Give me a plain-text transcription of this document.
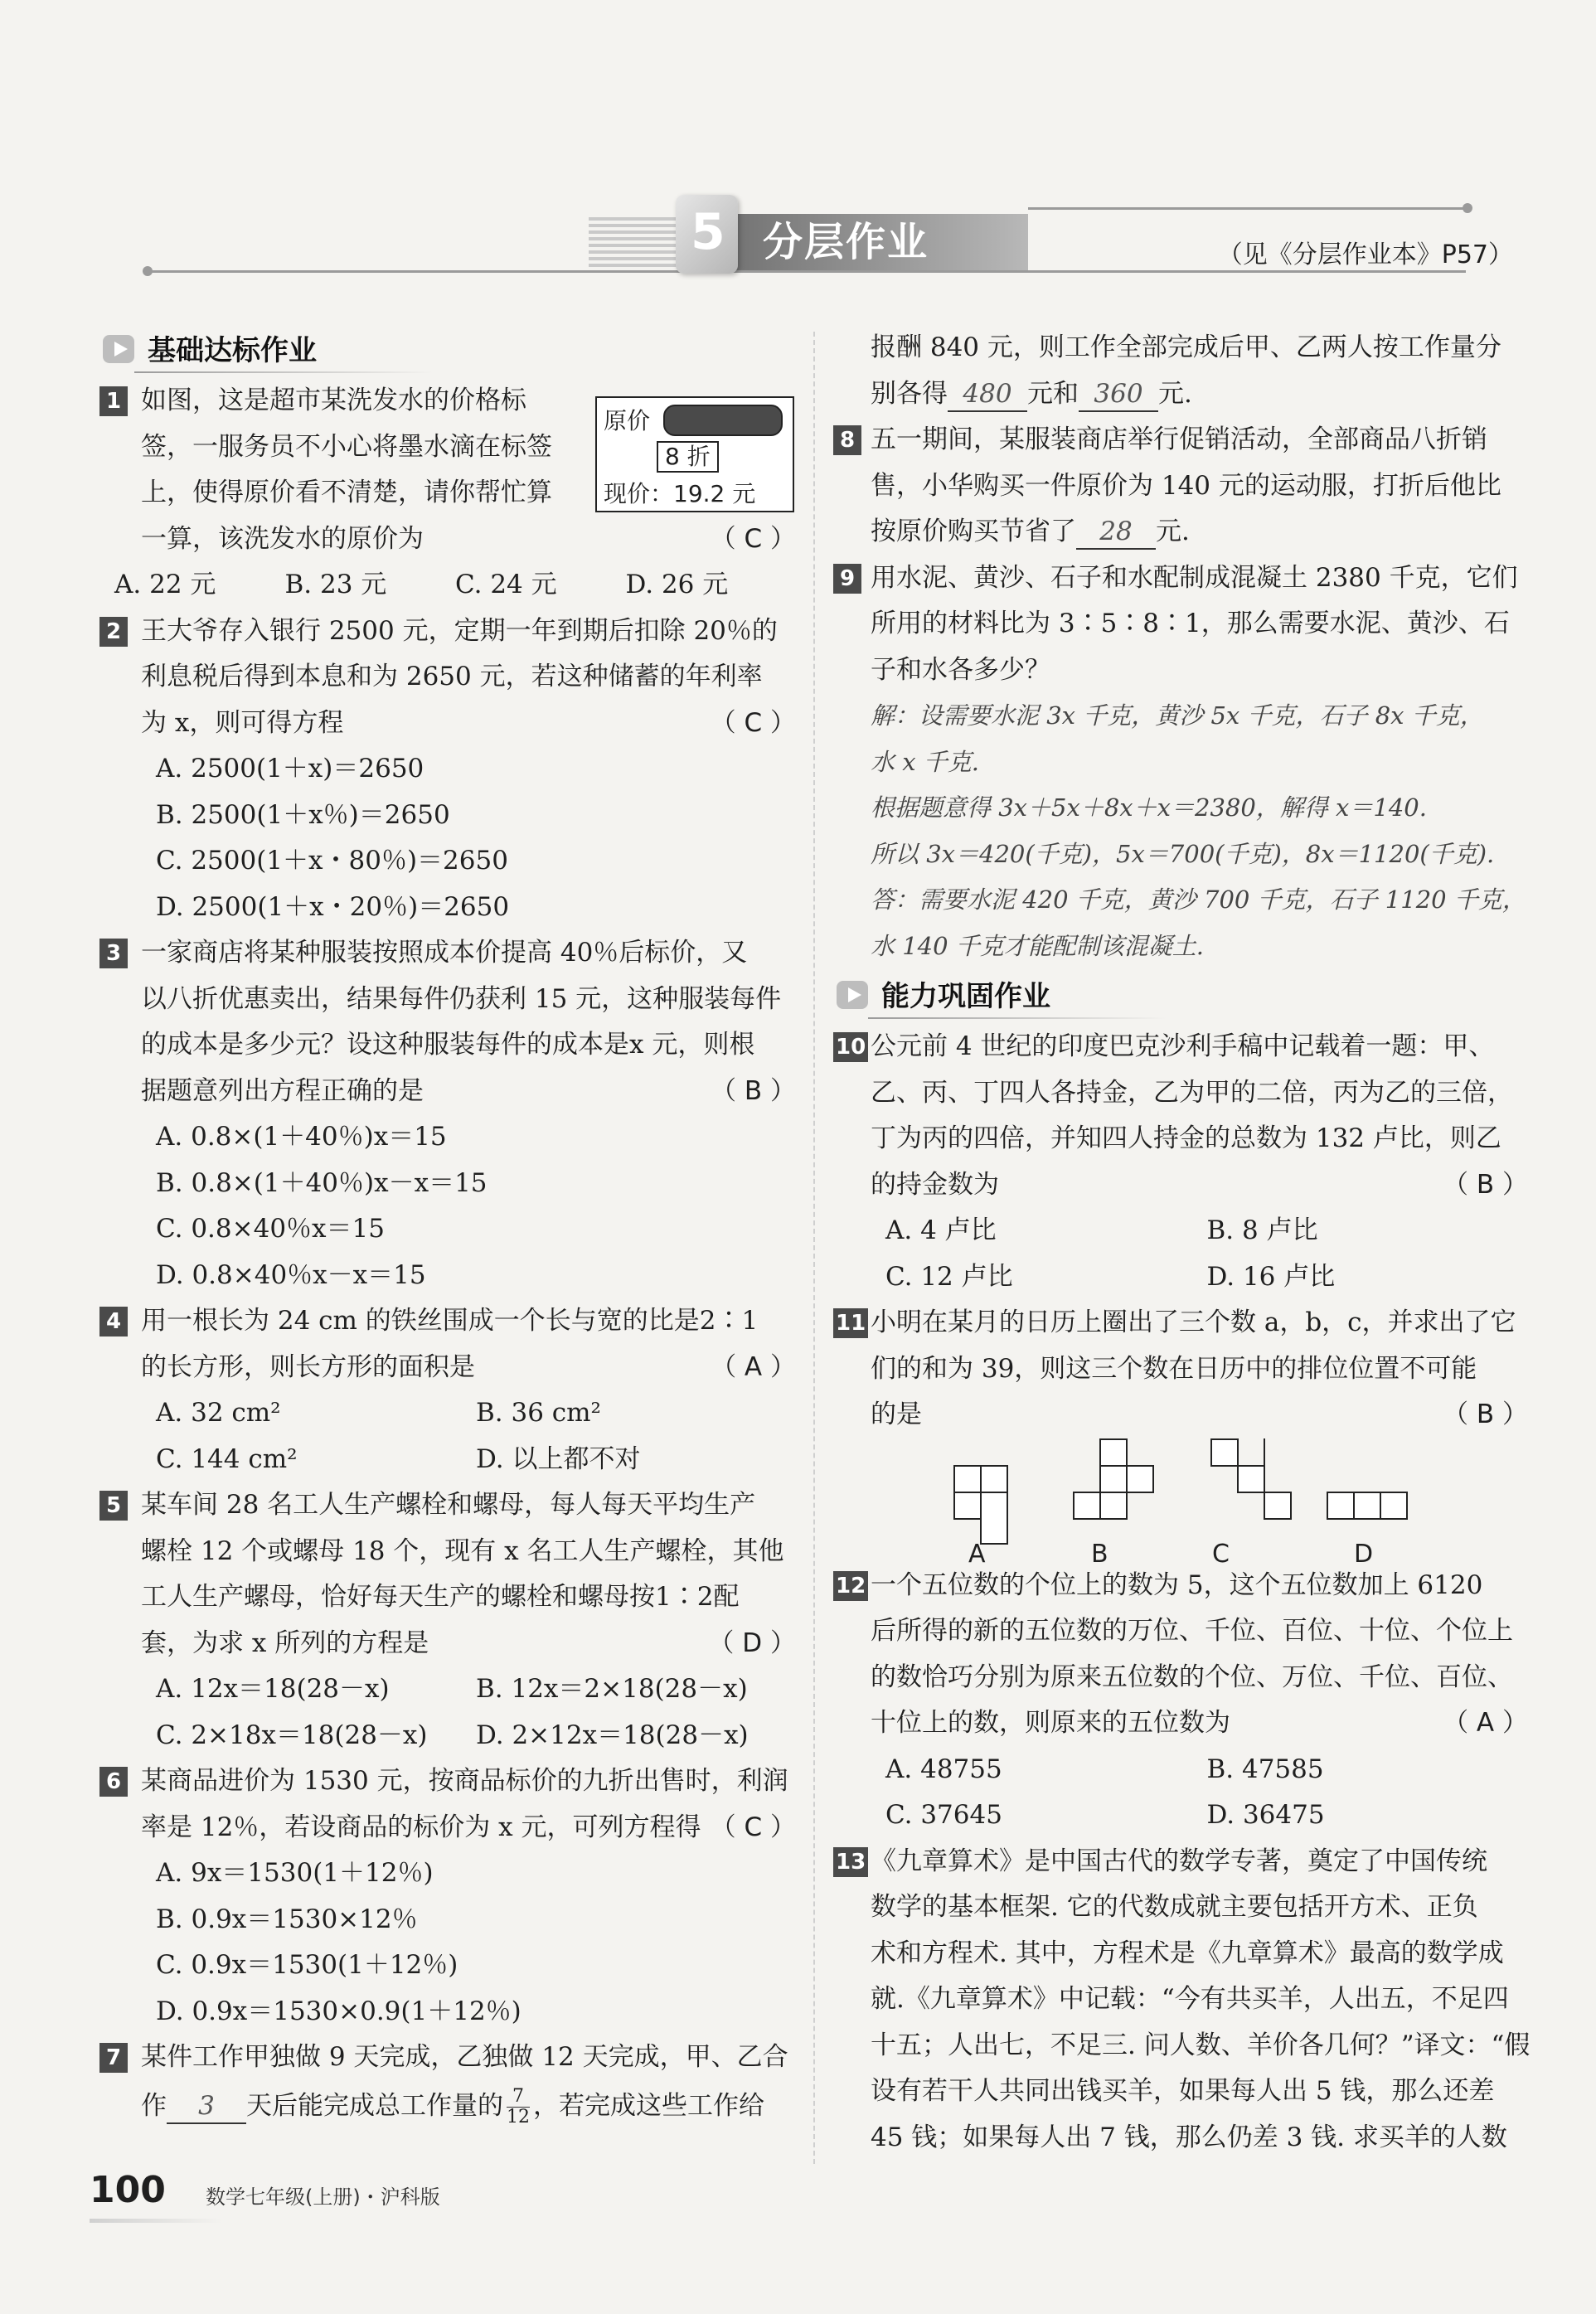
分层作业
5	（见《分层作业本》P57）
原价
8 折
现价：19.2 元
基础达标作业
1 如图，这是超市某洗发水的价格标
签，一服务员不小心将墨水滴在标签
上，使得原价看不清楚，请你帮忙算
一算，该洗发水的原价为	（ C ）
A. 22 元	B. 23 元	C. 24 元	D. 26 元
2 王大爷存入银行 2500 元，定期一年到期后扣除 20％的
利息税后得到本息和为 2650 元，若这种储蓄的年利率
为 x，则可得方程	（ C ）
A. 2500(1＋x)＝2650
B. 2500(1＋x％)＝2650
C. 2500(1＋x・80％)＝2650
D. 2500(1＋x・20％)＝2650
3 一家商店将某种服装按照成本价提高 40％后标价，又
以八折优惠卖出，结果每件仍获利 15 元，这种服装每件
的成本是多少元？设这种服装每件的成本是x 元，则根
据题意列出方程正确的是	（ B ）
A. 0.8×(1＋40％)x＝15
B. 0.8×(1＋40％)x－x＝15
C. 0.8×40％x＝15
D. 0.8×40％x－x＝15
4 用一根长为 24 cm 的铁丝围成一个长与宽的比是2∶1
的长方形，则长方形的面积是	（ A ）
A. 32 cm²	B. 36 cm²
C. 144 cm²	D. 以上都不对
5 某车间 28 名工人生产螺栓和螺母，每人每天平均生产
螺栓 12 个或螺母 18 个，现有 x 名工人生产螺栓，其他
工人生产螺母，恰好每天生产的螺栓和螺母按1∶2配
套，为求 x 所列的方程是	（ D ）
A. 12x＝18(28－x)	B. 12x＝2×18(28－x)
C. 2×18x＝18(28－x)	D. 2×12x＝18(28－x)
6 某商品进价为 1530 元，按商品标价的九折出售时，利润
率是 12％，若设商品的标价为 x 元，可列方程得 （ C ）
A. 9x＝1530(1＋12％)
B. 0.9x＝1530×12％
C. 0.9x＝1530(1＋12％)
D. 0.9x＝1530×0.9(1＋12％)
7 某件工作甲独做 9 天完成，乙独做 12 天完成，甲、乙合
作 3 天后能完成总工作量的 $\frac{7}{12}$ ，若完成这些工作给
报酬 840 元，则工作全部完成后甲、乙两人按工作量分
别各得 480 元和 360 元.
8 五一期间，某服装商店举行促销活动，全部商品八折销
售，小华购买一件原价为 140 元的运动服，打折后他比
按原价购买节省了 28 元.
9 用水泥、黄沙、石子和水配制成混凝土 2380 千克，它们
所用的材料比为 3∶5∶8∶1，那么需要水泥、黄沙、石
子和水各多少？
解：设需要水泥 3x 千克，黄沙 5x 千克，石子 8x 千克，
水 x 千克.
根据题意得 3x＋5x＋8x＋x＝2380，解得 x＝140.
所以 3x＝420(千克)，5x＝700(千克)，8x＝1120(千克).
答：需要水泥 420 千克，黄沙 700 千克，石子 1120 千克，
水 140 千克才能配制该混凝土.
能力巩固作业
10 公元前 4 世纪的印度巴克沙利手稿中记载着一题：甲、
乙、丙、丁四人各持金，乙为甲的二倍，丙为乙的三倍，
丁为丙的四倍，并知四人持金的总数为 132 卢比，则乙
的持金数为	（ B ）
A. 4 卢比	B. 8 卢比
C. 12 卢比	D. 16 卢比
11 小明在某月的日历上圈出了三个数 a，b，c，并求出了它
们的和为 39，则这三个数在日历中的排位位置不可能
的是	（ B ）
A	B	C	D
12 一个五位数的个位上的数为 5，这个五位数加上 6120
后所得的新的五位数的万位、千位、百位、十位、个位上
的数恰巧分别为原来五位数的个位、万位、千位、百位、
十位上的数，则原来的五位数为	（ A ）
A. 48755	B. 47585
C. 37645	D. 36475
13 《九章算术》是中国古代的数学专著，奠定了中国传统
数学的基本框架. 它的代数成就主要包括开方术、正负
术和方程术. 其中，方程术是《九章算术》最高的数学成
就.《九章算术》中记载：“今有共买羊，人出五，不足四
十五；人出七，不足三. 问人数、羊价各几何？”译文：“假
设有若干人共同出钱买羊，如果每人出 5 钱，那么还差
45 钱；如果每人出 7 钱，那么仍差 3 钱. 求买羊的人数
100 数学七年级(上册)・沪科版
